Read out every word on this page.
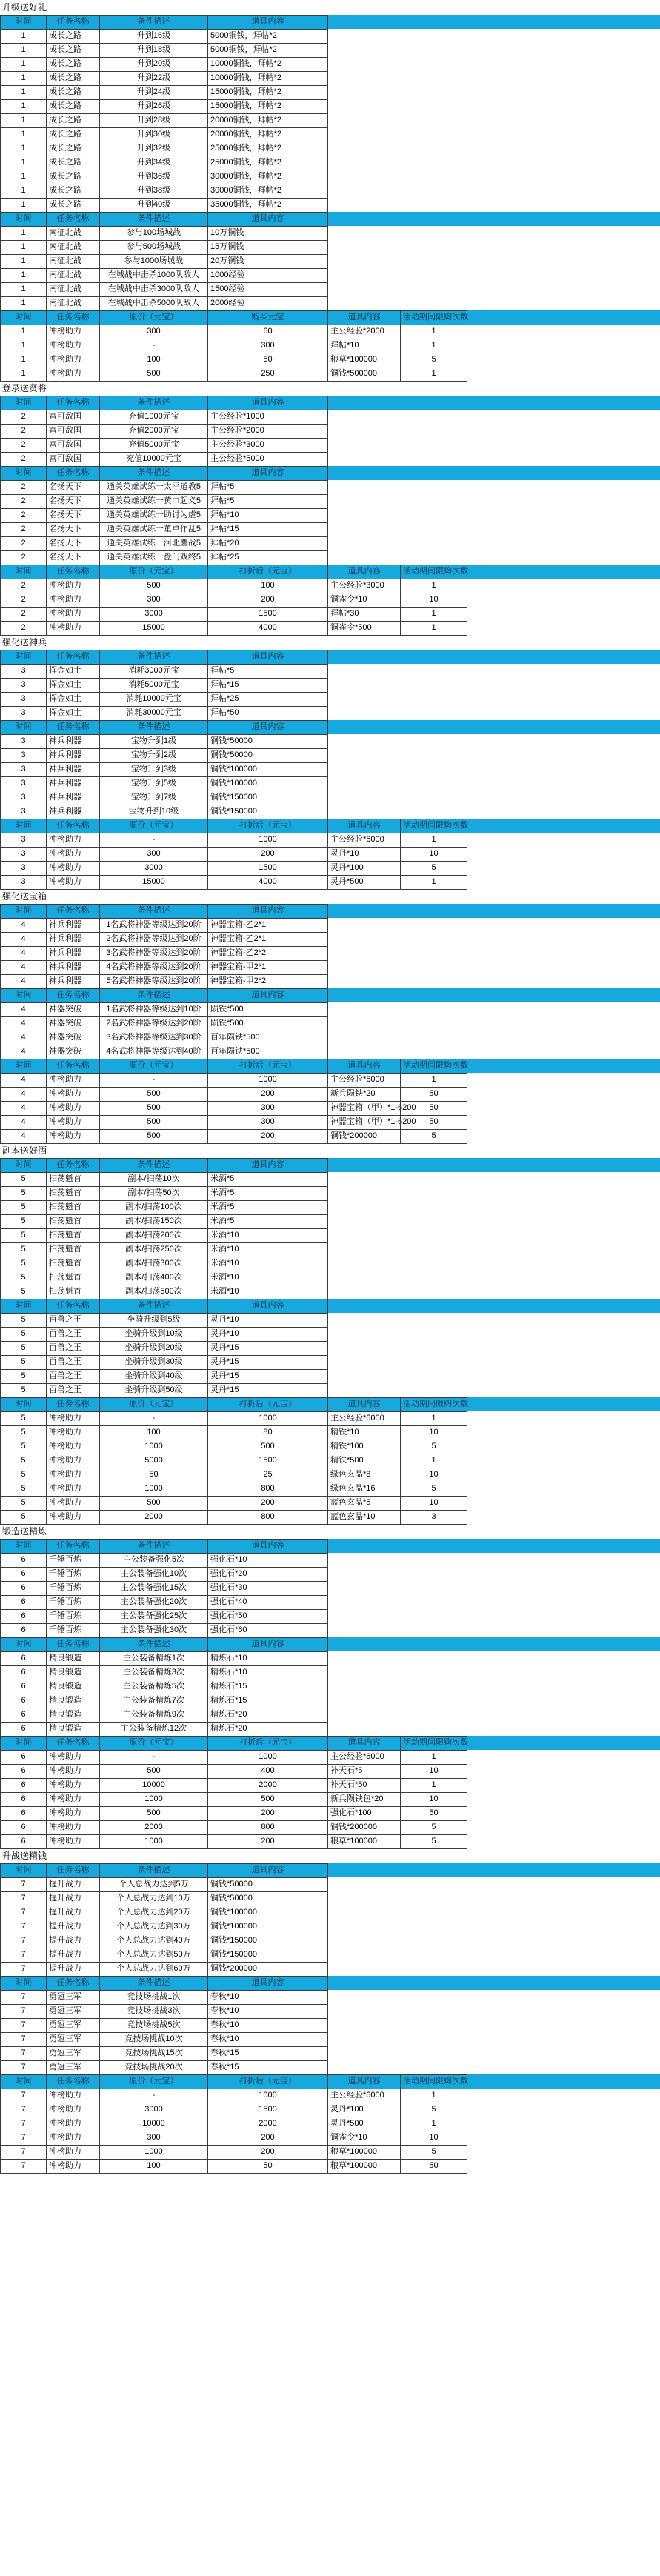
升级送好礼
时间	任务名称	条件描述	道具内容
1	成长之路	升到16级	5000铜钱，拜帖*2
1	成长之路	升到18级	5000铜钱，拜帖*2
1	成长之路	升到20级	10000铜钱，拜帖*2
1	成长之路	升到22级	10000铜钱，拜帖*2
1	成长之路	升到24级	15000铜钱，拜帖*2
1	成长之路	升到26级	15000铜钱，拜帖*2
1	成长之路	升到28级	20000铜钱，拜帖*2
1	成长之路	升到30级	20000铜钱，拜帖*2
1	成长之路	升到32级	25000铜钱，拜帖*2
1	成长之路	升到34级	25000铜钱，拜帖*2
1	成长之路	升到36级	30000铜钱，拜帖*2
1	成长之路	升到38级	30000铜钱，拜帖*2
1	成长之路	升到40级	35000铜钱，拜帖*2
时间	任务名称	条件描述	道具内容
1	南征北战	参与100场城战	10万铜钱
1	南征北战	参与500场城战	15万铜钱
1	南征北战	参与1000场城战	20万铜钱
1	南征北战	在城战中击杀1000队敌人	1000经验
1	南征北战	在城战中击杀3000队敌人	1500经验
1	南征北战	在城战中击杀5000队敌人	2000经验
时间	任务名称	原价（元宝）	购买元宝	道具内容	活动期间限购次数
1	冲榜助力	300	60	主公经验*2000	1
1	冲榜助力	-	300	拜帖*10	1
1	冲榜助力	100	50	粮草*100000	5
1	冲榜助力	500	250	铜钱*500000	1
登录送贤将
时间	任务名称	条件描述	道具内容
2	富可敌国	充值1000元宝	主公经验*1000
2	富可敌国	充值2000元宝	主公经验*2000
2	富可敌国	充值5000元宝	主公经验*3000
2	富可敌国	充值10000元宝	主公经验*5000
时间	任务名称	条件描述	道具内容
2	名扬天下	通关英雄试练一太平道教5	拜帖*5
2	名扬天下	通关英雄试练一黄巾起义5	拜帖*5
2	名扬天下	通关英雄试练一助讨为虐5	拜帖*10
2	名扬天下	通关英雄试练一董卓作乱5	拜帖*15
2	名扬天下	通关英雄试练一河北鏖战5	拜帖*20
2	名扬天下	通关英雄试练一盘门戏终5	拜帖*25
时间	任务名称	原价（元宝）	打折后（元宝）	道具内容	活动期间限购次数
2	冲榜助力	500	100	主公经验*3000	1
2	冲榜助力	300	200	铜雀令*10	10
2	冲榜助力	3000	1500	拜帖*30	1
2	冲榜助力	15000	4000	铜雀令*500	1
强化送神兵
时间	任务名称	条件描述	道具内容
3	挥金如土	消耗3000元宝	拜帖*5
3	挥金如土	消耗5000元宝	拜帖*15
3	挥金如土	消耗10000元宝	拜帖*25
3	挥金如土	消耗30000元宝	拜帖*50
时间	任务名称	条件描述	道具内容
3	神兵利器	宝物升到1级	铜钱*50000
3	神兵利器	宝物升到2级	铜钱*50000
3	神兵利器	宝物升到3级	铜钱*100000
3	神兵利器	宝物升到5级	铜钱*100000
3	神兵利器	宝物升到7级	铜钱*150000
3	神兵利器	宝物升到10级	铜钱*150000
时间	任务名称	原价（元宝）	打折后（元宝）	道具内容	活动期间限购次数
3	冲榜助力	-	1000	主公经验*6000	1
3	冲榜助力	300	200	灵丹*10	10
3	冲榜助力	3000	1500	灵丹*100	5
3	冲榜助力	15000	4000	灵丹*500	1
强化送宝箱
时间	任务名称	条件描述	道具内容
4	神兵利器	1名武将神器等级达到20阶	神器宝箱-乙2*1
4	神兵利器	2名武将神器等级达到20阶	神器宝箱-乙2*1
4	神兵利器	3名武将神器等级达到20阶	神器宝箱-乙2*2
4	神兵利器	4名武将神器等级达到20阶	神器宝箱-甲2*1
4	神兵利器	5名武将神器等级达到20阶	神器宝箱-甲2*2
时间	任务名称	条件描述	道具内容
4	神器突破	1名武将神器等级达到10阶	陨铁*500
4	神器突破	2名武将神器等级达到20阶	陨铁*500
4	神器突破	3名武将神器等级达到30阶	百年陨铁*500
4	神器突破	4名武将神器等级达到40阶	百年陨铁*500
时间	任务名称	原价（元宝）	打折后（元宝）	道具内容	活动期间限购次数
4	冲榜助力	-	1000	主公经验*6000	1
4	冲榜助力	500	200	新兵陨铁*20	50
4	冲榜助力	500	300	神器宝箱（甲）*1-6200	50
4	冲榜助力	500	300	神器宝箱（甲）*1-6200	50
4	冲榜助力	500	200	铜钱*200000	5
副本送好酒
时间	任务名称	条件描述	道具内容
5	扫荡魁首	副本/扫荡10次	米酒*5
5	扫荡魁首	副本/扫荡50次	米酒*5
5	扫荡魁首	副本/扫荡100次	米酒*5
5	扫荡魁首	副本/扫荡150次	米酒*5
5	扫荡魁首	副本/扫荡200次	米酒*10
5	扫荡魁首	副本/扫荡250次	米酒*10
5	扫荡魁首	副本/扫荡300次	米酒*10
5	扫荡魁首	副本/扫荡400次	米酒*10
5	扫荡魁首	副本/扫荡500次	米酒*10
时间	任务名称	条件描述	道具内容
5	百兽之王	坐骑升级到5级	灵丹*10
5	百兽之王	坐骑升级到10级	灵丹*10
5	百兽之王	坐骑升级到20级	灵丹*15
5	百兽之王	坐骑升级到30级	灵丹*15
5	百兽之王	坐骑升级到40级	灵丹*15
5	百兽之王	坐骑升级到50级	灵丹*15
时间	任务名称	原价（元宝）	打折后（元宝）	道具内容	活动期间限购次数
5	冲榜助力	-	1000	主公经验*6000	1
5	冲榜助力	100	80	精铁*10	10
5	冲榜助力	1000	500	精铁*100	5
5	冲榜助力	5000	1500	精铁*500	1
5	冲榜助力	50	25	绿色玄晶*8	10
5	冲榜助力	1000	800	绿色玄晶*16	5
5	冲榜助力	500	200	蓝色玄晶*5	10
5	冲榜助力	2000	800	蓝色玄晶*10	3
锻造送精炼
时间	任务名称	条件描述	道具内容
6	千锤百炼	主公装备强化5次	强化石*10
6	千锤百炼	主公装备强化10次	强化石*20
6	千锤百炼	主公装备强化15次	强化石*30
6	千锤百炼	主公装备强化20次	强化石*40
6	千锤百炼	主公装备强化25次	强化石*50
6	千锤百炼	主公装备强化30次	强化石*60
时间	任务名称	条件描述	道具内容
6	精良锻造	主公装备精炼1次	精炼石*10
6	精良锻造	主公装备精炼3次	精炼石*10
6	精良锻造	主公装备精炼5次	精炼石*15
6	精良锻造	主公装备精炼7次	精炼石*15
6	精良锻造	主公装备精炼9次	精炼石*20
6	精良锻造	主公装备精炼12次	精炼石*20
时间	任务名称	原价（元宝）	打折后（元宝）	道具内容	活动期间限购次数
6	冲榜助力	-	1000	主公经验*6000	1
6	冲榜助力	500	400	补天石*5	10
6	冲榜助力	10000	2000	补天石*50	1
6	冲榜助力	1000	500	新兵陨铁包*20	10
6	冲榜助力	500	200	强化石*100	50
6	冲榜助力	2000	800	铜钱*200000	5
6	冲榜助力	1000	200	粮草*100000	5
升战送精钱
时间	任务名称	条件描述	道具内容
7	提升战力	个人总战力达到5万	铜钱*50000
7	提升战力	个人总战力达到10万	铜钱*50000
7	提升战力	个人总战力达到20万	铜钱*100000
7	提升战力	个人总战力达到30万	铜钱*100000
7	提升战力	个人总战力达到40万	铜钱*150000
7	提升战力	个人总战力达到50万	铜钱*150000
7	提升战力	个人总战力达到60万	铜钱*200000
时间	任务名称	条件描述	道具内容
7	勇冠三军	竞技场挑战1次	春秋*10
7	勇冠三军	竞技场挑战3次	春秋*10
7	勇冠三军	竞技场挑战5次	春秋*10
7	勇冠三军	竞技场挑战10次	春秋*10
7	勇冠三军	竞技场挑战15次	春秋*15
7	勇冠三军	竞技场挑战20次	春秋*15
时间	任务名称	原价（元宝）	打折后（元宝）	道具内容	活动期间限购次数
7	冲榜助力	-	1000	主公经验*6000	1
7	冲榜助力	3000	1500	灵丹*100	5
7	冲榜助力	10000	2000	灵丹*500	1
7	冲榜助力	300	200	铜雀令*10	10
7	冲榜助力	1000	200	粮草*100000	5
7	冲榜助力	100	50	粮草*100000	50
